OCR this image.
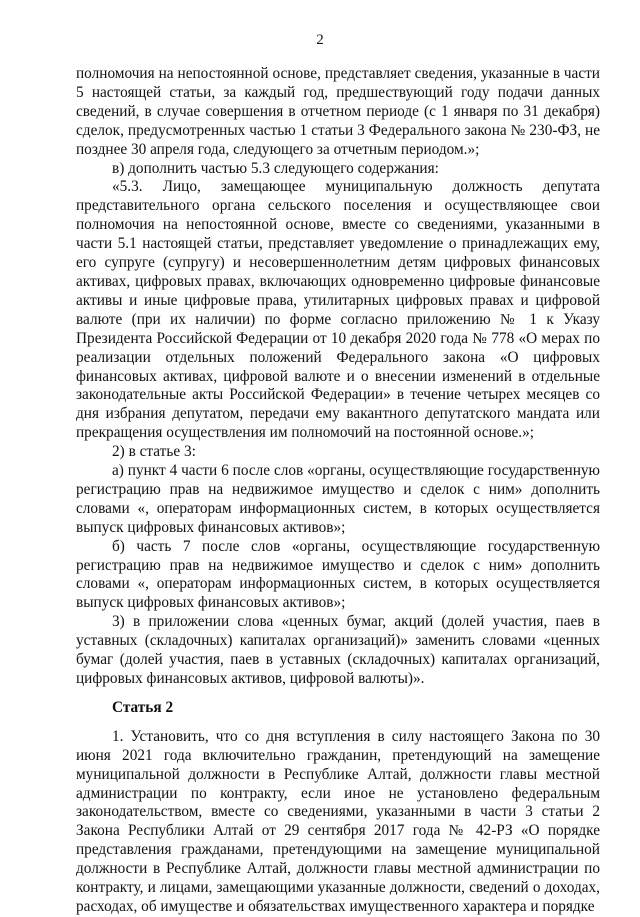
2

полномочия на непостоянной основе, представляет сведения, указанные в части 5 настоящей статьи, за каждый год, предшествующий году подачи данных сведений, в случае совершения в отчетном периоде (с 1 января по 31 декабря) сделок, предусмотренных частью 1 статьи 3 Федерального закона № 230-ФЗ, не позднее 30 апреля года, следующего за отчетным периодом.»;

в) дополнить частью 5.3 следующего содержания:

«5.3. Лицо, замещающее муниципальную должность депутата представительного органа сельского поселения и осуществляющее свои полномочия на непостоянной основе, вместе со сведениями, указанными в части 5.1 настоящей статьи, представляет уведомление о принадлежащих ему, его супруге (супругу) и несовершеннолетним детям цифровых финансовых активах, цифровых правах, включающих одновременно цифровые финансовые активы и иные цифровые права, утилитарных цифровых правах и цифровой валюте (при их наличии) по форме согласно приложению № 1 к Указу Президента Российской Федерации от 10 декабря 2020 года № 778 «О мерах по реализации отдельных положений Федерального закона «О цифровых финансовых активах, цифровой валюте и о внесении изменений в отдельные законодательные акты Российской Федерации» в течение четырех месяцев со дня избрания депутатом, передачи ему вакантного депутатского мандата или прекращения осуществления им полномочий на постоянной основе.»;

2) в статье 3:

а) пункт 4 части 6 после слов «органы, осуществляющие государственную регистрацию прав на недвижимое имущество и сделок с ним» дополнить словами «, операторам информационных систем, в которых осуществляется выпуск цифровых финансовых активов»;

б) часть 7 после слов «органы, осуществляющие государственную регистрацию прав на недвижимое имущество и сделок с ним» дополнить словами «, операторам информационных систем, в которых осуществляется выпуск цифровых финансовых активов»;

3) в приложении слова «ценных бумаг, акций (долей участия, паев в уставных (складочных) капиталах организаций)» заменить словами «ценных бумаг (долей участия, паев в уставных (складочных) капиталах организаций, цифровых финансовых активов, цифровой валюты)».

Статья 2

1. Установить, что со дня вступления в силу настоящего Закона по 30 июня 2021 года включительно гражданин, претендующий на замещение муниципальной должности в Республике Алтай, должности главы местной администрации по контракту, если иное не установлено федеральным законодательством, вместе со сведениями, указанными в части 3 статьи 2 Закона Республики Алтай от 29 сентября 2017 года № 42-РЗ «О порядке представления гражданами, претендующими на замещение муниципальной должности в Республике Алтай, должности главы местной администрации по контракту, и лицами, замещающими указанные должности, сведений о доходах, расходах, об имуществе и обязательствах имущественного характера и порядке
